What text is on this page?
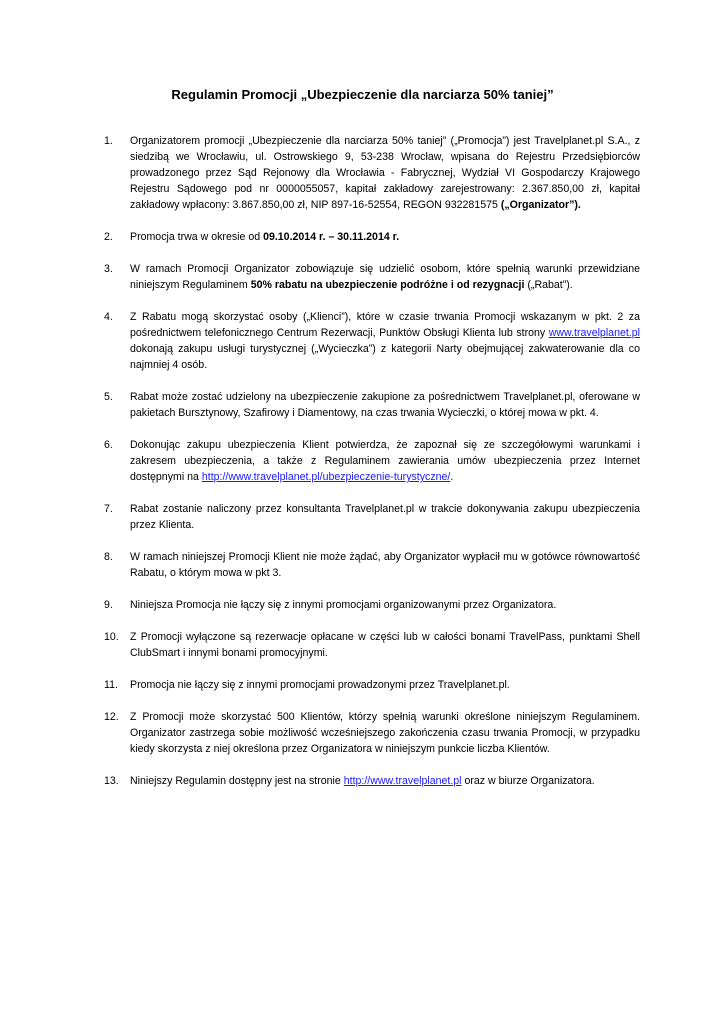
Regulamin Promocji „Ubezpieczenie dla narciarza 50% taniej”
1.	Organizatorem promocji „Ubezpieczenie dla narciarza 50% taniej” („Promocja”) jest Travelplanet.pl S.A., z siedzibą we Wrocławiu, ul. Ostrowskiego 9, 53-238 Wrocław, wpisana do Rejestru Przedsiębiorców prowadzonego przez Sąd Rejonowy dla Wrocławia - Fabrycznej, Wydział VI Gospodarczy Krajowego Rejestru Sądowego pod nr 0000055057, kapitał zakładowy zarejestrowany: 2.367.850,00 zł, kapitał zakładowy wpłacony: 3.867.850,00 zł, NIP 897-16-52554, REGON 932281575 („Organizator”).
2.	Promocja trwa w okresie od 09.10.2014 r. – 30.11.2014 r.
3.	W ramach Promocji Organizator zobowiązuje się udzielić osobom, które spełnią warunki przewidziane niniejszym Regulaminem 50% rabatu na ubezpieczenie podróżne i od rezygnacji („Rabat”).
4.	Z Rabatu mogą skorzystać osoby („Klienci”), które w czasie trwania Promocji wskazanym w pkt. 2 za pośrednictwem telefonicznego Centrum Rezerwacji, Punktów Obsługi Klienta lub strony www.travelplanet.pl dokonają zakupu usługi turystycznej („Wycieczka”) z kategorii Narty obejmującej zakwaterowanie dla co najmniej 4 osób.
5.	Rabat może zostać udzielony na ubezpieczenie zakupione za pośrednictwem Travelplanet.pl, oferowane w pakietach Bursztynowy, Szafirowy i Diamentowy, na czas trwania Wycieczki, o której mowa w pkt. 4.
6.	Dokonując zakupu ubezpieczenia Klient potwierdza, że zapoznał się ze szczegółowymi warunkami i zakresem ubezpieczenia, a także z Regulaminem zawierania umów ubezpieczenia przez Internet dostępnymi na http://www.travelplanet.pl/ubezpieczenie-turystyczne/.
7.	Rabat zostanie naliczony przez konsultanta Travelplanet.pl w trakcie dokonywania zakupu ubezpieczenia przez Klienta.
8.	W ramach niniejszej Promocji Klient nie może żądać, aby Organizator wypłacił mu w gotówce równowartość Rabatu, o którym mowa w pkt 3.
9.	Niniejsza Promocja nie łączy się z innymi promocjami organizowanymi przez Organizatora.
10.	Z Promocji wyłączone są rezerwacje opłacane w części lub w całości bonami TravelPass, punktami Shell ClubSmart i innymi bonami promocyjnymi.
11.	Promocja nie łączy się z innymi promocjami prowadzonymi przez Travelplanet.pl.
12.	Z Promocji może skorzystać 500 Klientów, którzy spełnią warunki określone niniejszym Regulaminem. Organizator zastrzega sobie możliwość wcześniejszego zakończenia czasu trwania Promocji, w przypadku kiedy skorzysta z niej określona przez Organizatora w niniejszym punkcie liczba Klientów.
13.	Niniejszy Regulamin dostępny jest na stronie http://www.travelplanet.pl oraz w biurze Organizatora.
